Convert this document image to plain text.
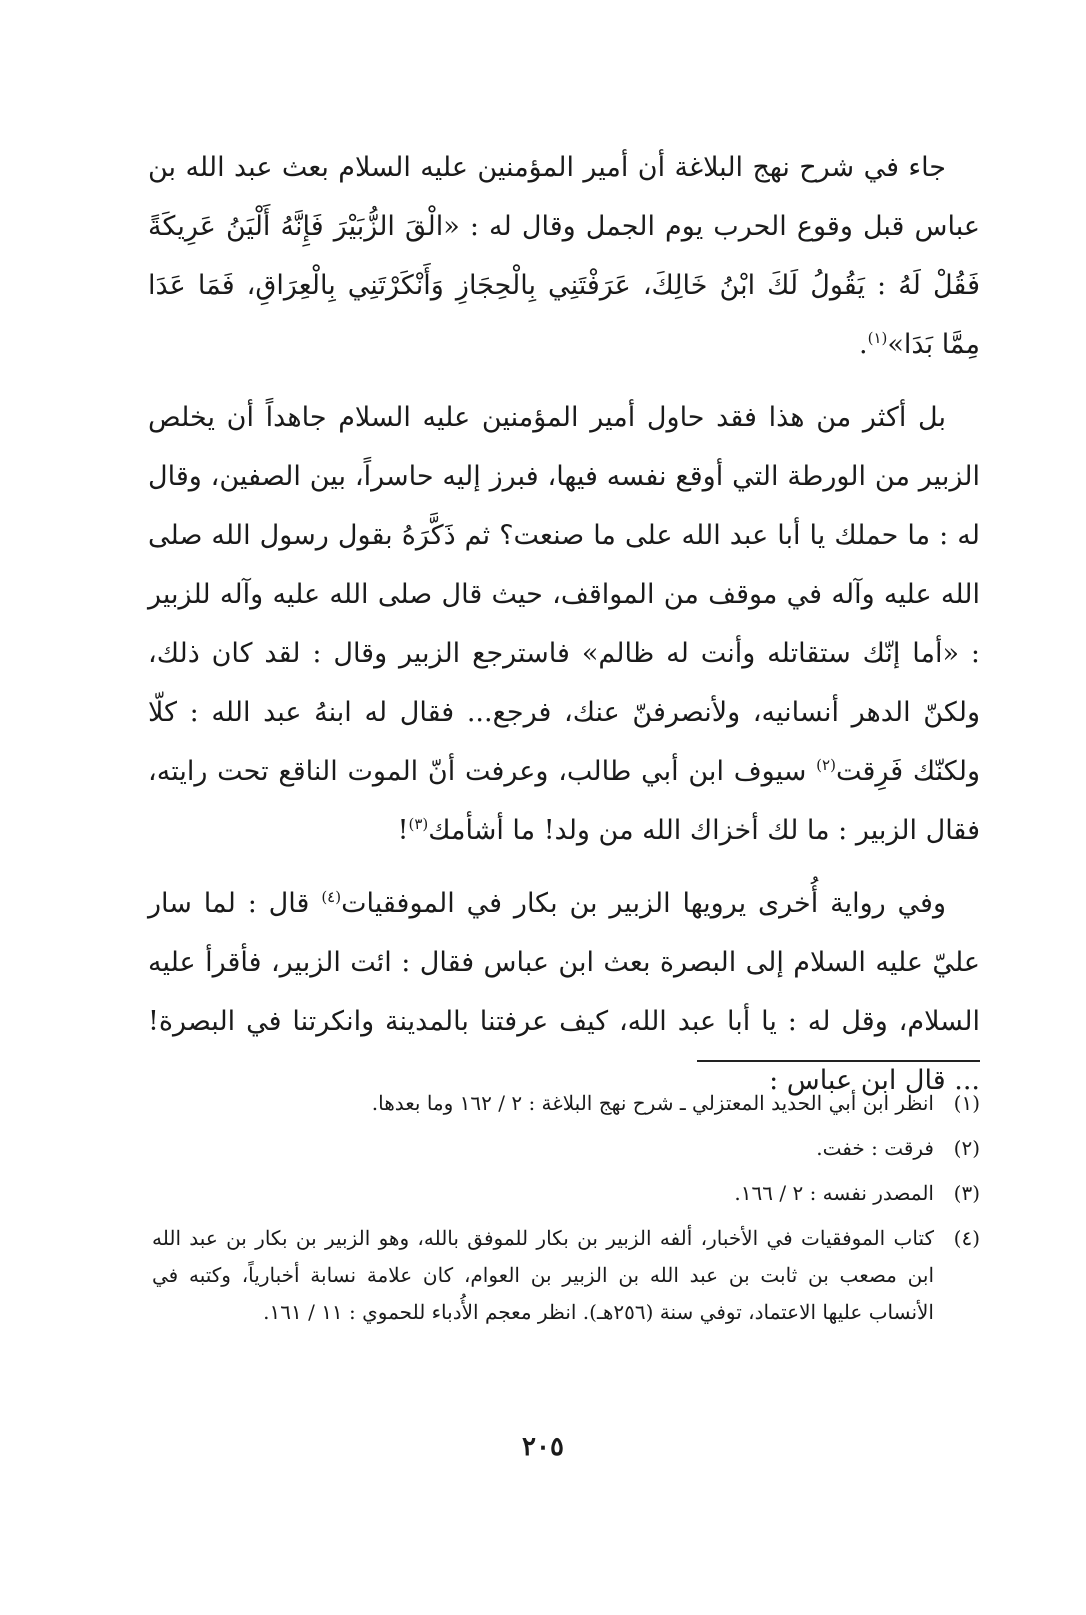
جاء في شرح نهج البلاغة أن أمير المؤمنين عليه السلام بعث عبد الله بن عباس قبل وقوع الحرب يوم الجمل وقال له : «الْقَ الزُّبَيْرَ فَإِنَّهُ أَلْيَنُ عَرِيكَةً فَقُلْ لَهُ : يَقُولُ لَكَ ابْنُ خَالِكَ، عَرَفْتَنِي بِالْحِجَازِ وَأَنْكَرْتَنِي بِالْعِرَاقِ، فَمَا عَدَا مِمَّا بَدَا»$^{(١)}$.

بل أكثر من هذا فقد حاول أمير المؤمنين عليه السلام جاهداً أن يخلص الزبير من الورطة التي أوقع نفسه فيها، فبرز إليه حاسراً، بين الصفين، وقال له : ما حملك يا أبا عبد الله على ما صنعت؟ ثم ذَكَّرَهُ بقول رسول الله صلى الله عليه وآله في موقف من المواقف، حيث قال صلى الله عليه وآله للزبير : «أما إنّك ستقاتله وأنت له ظالم» فاسترجع الزبير وقال : لقد كان ذلك، ولكنّ الدهر أنسانيه، ولأنصرفنّ عنك، فرجع... فقال له ابنهُ عبد الله : كلّا ولكنّك فَرِقت$^{(٢)}$ سيوف ابن أبي طالب، وعرفت أنّ الموت الناقع تحت رايته، فقال الزبير : ما لك أخزاك الله من ولد! ما أشأمك$^{(٣)}$!

وفي رواية أُخرى يرويها الزبير بن بكار في الموفقيات$^{(٤)}$ قال : لما سار عليّ عليه السلام إلى البصرة بعث ابن عباس فقال : ائت الزبير، فأقرأ عليه السلام، وقل له : يا أبا عبد الله، كيف عرفتنا بالمدينة وانكرتنا في البصرة! ... قال ابن عباس :

(١)
انظر ابن أبي الحديد المعتزلي ـ شرح نهج البلاغة : ٢ / ١٦٢ وما بعدها.
(٢)
فرقت : خفت.
(٣)
المصدر نفسه : ٢ / ١٦٦.
(٤)
كتاب الموفقيات في الأخبار، ألفه الزبير بن بكار للموفق بالله، وهو الزبير بن بكار بن عبد الله ابن مصعب بن ثابت بن عبد الله بن الزبير بن العوام، كان علامة نسابة أخبارياً، وكتبه في الأنساب عليها الاعتماد، توفي سنة (٢٥٦هـ). انظر معجم الأُدباء للحموي : ١١ / ١٦١.
٢٠٥
